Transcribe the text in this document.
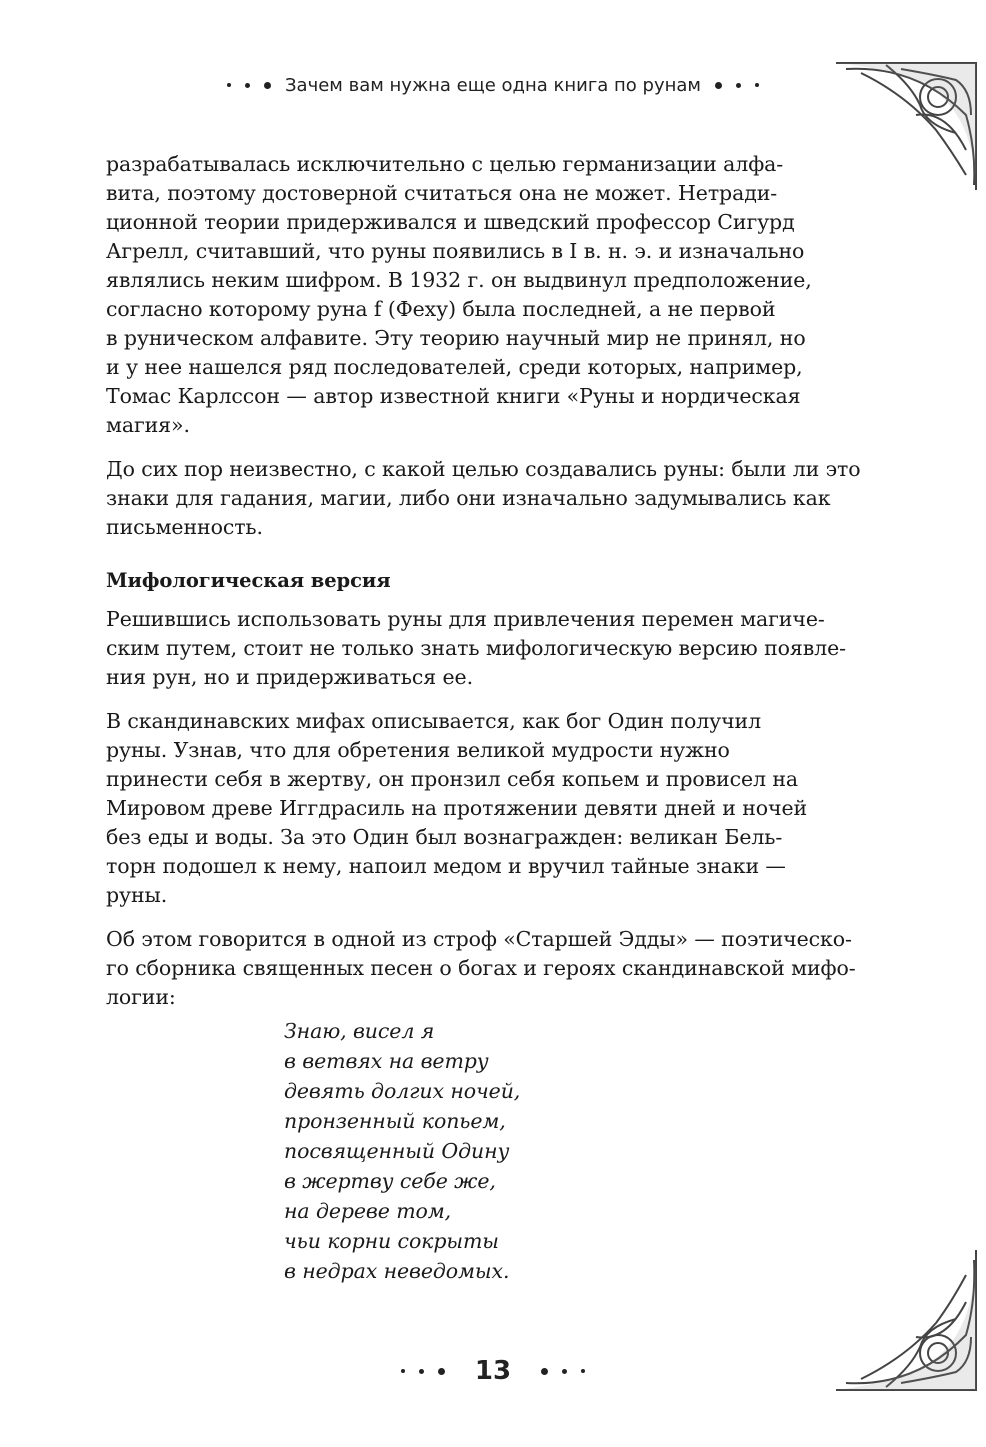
Зачем вам нужна еще одна книга по рунам

разрабатывалась исключительно с целью германизации алфа-
вита, поэтому достоверной считаться она не может. Нетради-
ционной теории придерживался и шведский профессор Сигурд
Агрелл, считавший, что руны появились в I в. н. э. и изначально
являлись неким шифром. В 1932 г. он выдвинул предположение,
согласно которому руна f (Феху) была последней, а не первой
в руническом алфавите. Эту теорию научный мир не принял, но
и у нее нашелся ряд последователей, среди которых, например,
Томас Карлссон — автор известной книги «Руны и нордическая
магия».

До сих пор неизвестно, с какой целью создавались руны: были ли это
знаки для гадания, магии, либо они изначально задумывались как
письменность.

Мифологическая версия

Решившись использовать руны для привлечения перемен магиче-
ским путем, стоит не только знать мифологическую версию появле-
ния рун, но и придерживаться ее.

В скандинавских мифах описывается, как бог Один получил
руны. Узнав, что для обретения великой мудрости нужно
принести себя в жертву, он пронзил себя копьем и провисел на
Мировом древе Иггдрасиль на протяжении девяти дней и ночей
без еды и воды. За это Один был вознагражден: великан Бель-
торн подошел к нему, напоил медом и вручил тайные знаки —
руны.

Об этом говорится в одной из строф «Старшей Эдды» — поэтическо-
го сборника священных песен о богах и героях скандинавской мифо-
логии:

Знаю, висел я
в ветвях на ветру
девять долгих ночей,
пронзенный копьем,
посвященный Одину
в жертву себе же,
на дереве том,
чьи корни сокрыты
в недрах неведомых.
13
